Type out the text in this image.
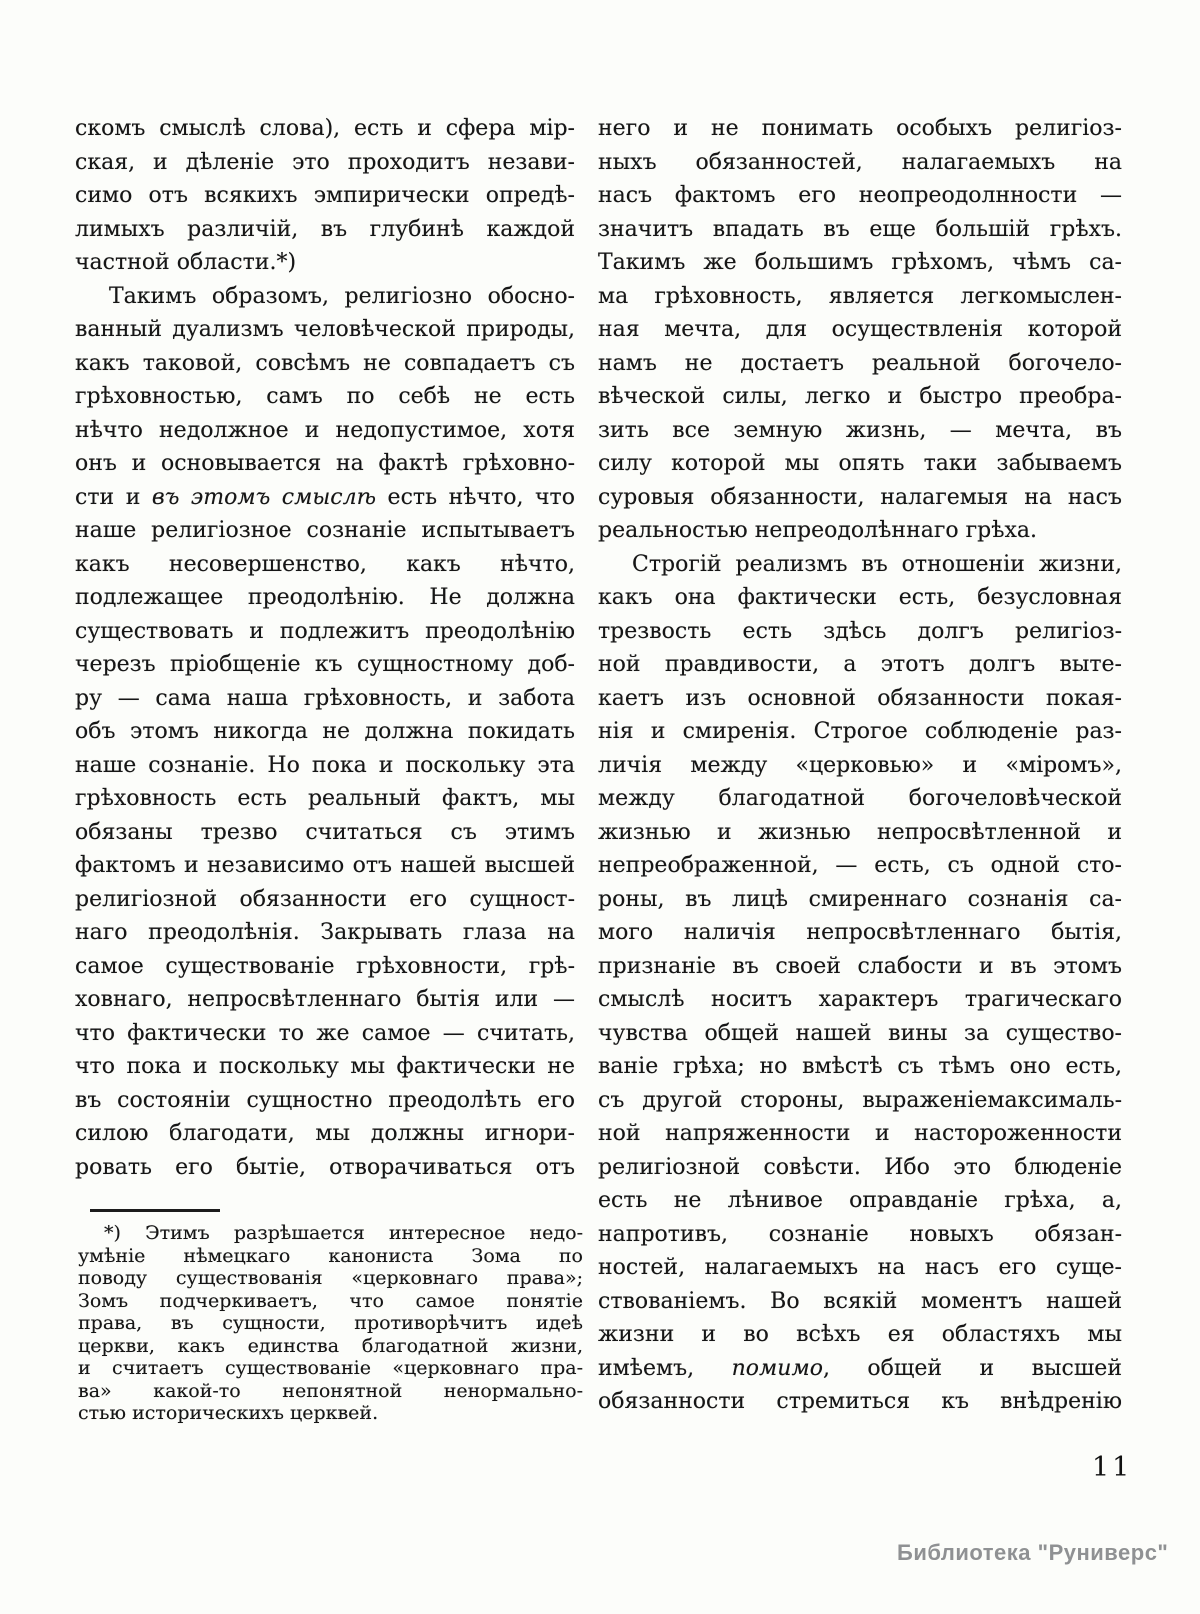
скомъ смыслѣ слова), есть и сфера мір-
ская, и дѣленіе это проходитъ незави-
симо отъ всякихъ эмпирически опредѣ-
лимыхъ различій, въ глубинѣ каждой
частной области.*)
Такимъ образомъ, религіозно обосно-
ванный дуализмъ человѣческой природы,
какъ таковой, совсѣмъ не совпадаетъ съ
грѣховностью, самъ по себѣ не есть
нѣчто недолжное и недопустимое, хотя
онъ и основывается на фактѣ грѣховно-
сти и въ этомъ смыслѣ есть нѣчто, что
наше религіозное сознаніе испытываетъ
какъ несовершенство, какъ нѣчто,
подлежащее преодолѣнію. Не должна
существовать и подлежитъ преодолѣнію
черезъ пріобщеніе къ сущностному доб-
ру — сама наша грѣховность, и забота
объ этомъ никогда не должна покидать
наше сознаніе. Но пока и поскольку эта
грѣховность есть реальный фактъ, мы
обязаны трезво считаться съ этимъ
фактомъ и независимо отъ нашей высшей
религіозной обязанности его сущност-
наго преодолѣнія. Закрывать глаза на
самое существованіе грѣховности, грѣ-
ховнаго, непросвѣтленнаго бытія или —
что фактически то же самое — считать,
что пока и поскольку мы фактически не
въ состояніи сущностно преодолѣть его
силою благодати, мы должны игнори-
ровать его бытіе, отворачиваться отъ
него и не понимать особыхъ религіоз-
ныхъ обязанностей, налагаемыхъ на
насъ фактомъ его неопреодолнности —
значитъ впадать въ еще большій грѣхъ.
Такимъ же большимъ грѣхомъ, чѣмъ са-
ма грѣховность, является легкомыслен-
ная мечта, для осуществленія которой
намъ не достаетъ реальной богочело-
вѣческой силы, легко и быстро преобра-
зить все земную жизнь, — мечта, въ
силу которой мы опять таки забываемъ
суровыя обязанности, налагемыя на насъ
реальностью непреодолѣннаго грѣха.
Строгій реализмъ въ отношеніи жизни,
какъ она фактически есть, безусловная
трезвость есть здѣсь долгъ религіоз-
ной правдивости, а этотъ долгъ выте-
каетъ изъ основной обязанности покая-
нія и смиренія. Строгое соблюденіе раз-
личія между «церковью» и «міромъ»,
между благодатной богочеловѣческой
жизнью и жизнью непросвѣтленной и
непреображенной, — есть, съ одной сто-
роны, въ лицѣ смиреннаго сознанія са-
мого наличія непросвѣтленнаго бытія,
признаніе въ своей слабости и въ этомъ
смыслѣ носитъ характеръ трагическаго
чувства общей нашей вины за существо-
ваніе грѣха; но вмѣстѣ съ тѣмъ оно есть,
съ другой стороны, выраженіемаксималь-
ной напряженности и настороженности
религіозной совѣсти. Ибо это блюденіе
есть не лѣнивое оправданіе грѣха, а,
напротивъ, сознаніе новыхъ обязан-
ностей, налагаемыхъ на насъ его суще-
ствованіемъ. Во всякій моментъ нашей
жизни и во всѣхъ ея областяхъ мы
имѣемъ, помимо, общей и высшей
обязанности стремиться къ внѣдренію
*) Этимъ разрѣшается интересное недо-
умѣніе нѣмецкаго канониста Зома по
поводу существованія «церковнаго права»;
Зомъ подчеркиваетъ, что самое понятіе
права, въ сущности, противорѣчитъ идеѣ
церкви, какъ единства благодатной жизни,
и считаетъ существованіе «церковнаго пра-
ва» какой-то непонятной ненормально-
стью историческихъ церквей.
11
Библиотека "Руниверс"
